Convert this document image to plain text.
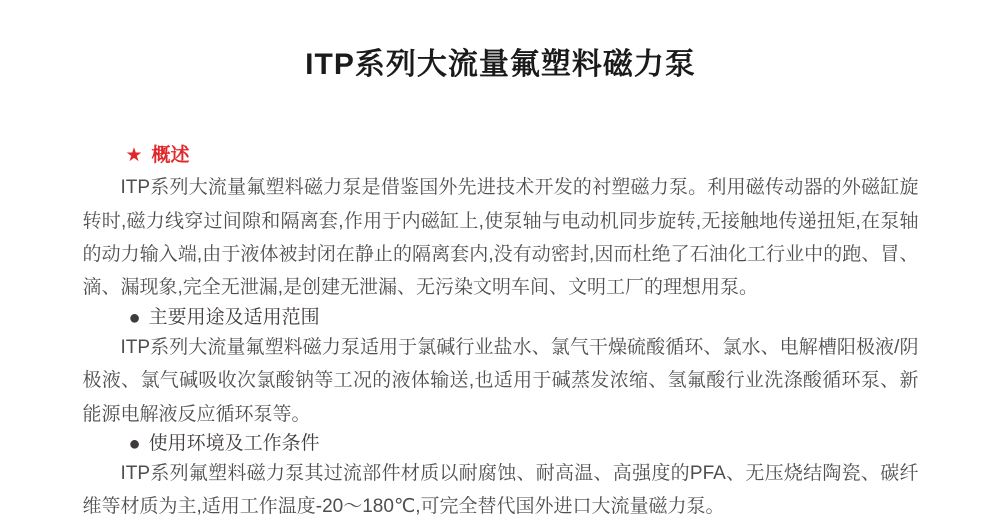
ITP系列大流量氟塑料磁力泵
★ 概述

ITP系列大流量氟塑料磁力泵是借鉴国外先进技术开发的衬塑磁力泵。利用磁传动器的外磁缸旋转时,磁力线穿过间隙和隔离套,作用于内磁缸上,使泵轴与电动机同步旋转,无接触地传递扭矩,在泵轴的动力输入端,由于液体被封闭在静止的隔离套内,没有动密封,因而杜绝了石油化工行业中的跑、冒、滴、漏现象,完全无泄漏,是创建无泄漏、无污染文明车间、文明工厂的理想用泵。

● 主要用途及适用范围

ITP系列大流量氟塑料磁力泵适用于氯碱行业盐水、氯气干燥硫酸循环、氯水、电解槽阳极液/阴极液、氯气碱吸收次氯酸钠等工况的液体输送,也适用于碱蒸发浓缩、氢氟酸行业洗涤酸循环泵、新能源电解液反应循环泵等。

● 使用环境及工作条件

ITP系列氟塑料磁力泵其过流部件材质以耐腐蚀、耐高温、高强度的PFA、无压烧结陶瓷、碳纤维等材质为主,适用工作温度-20～180℃,可完全替代国外进口大流量磁力泵。
